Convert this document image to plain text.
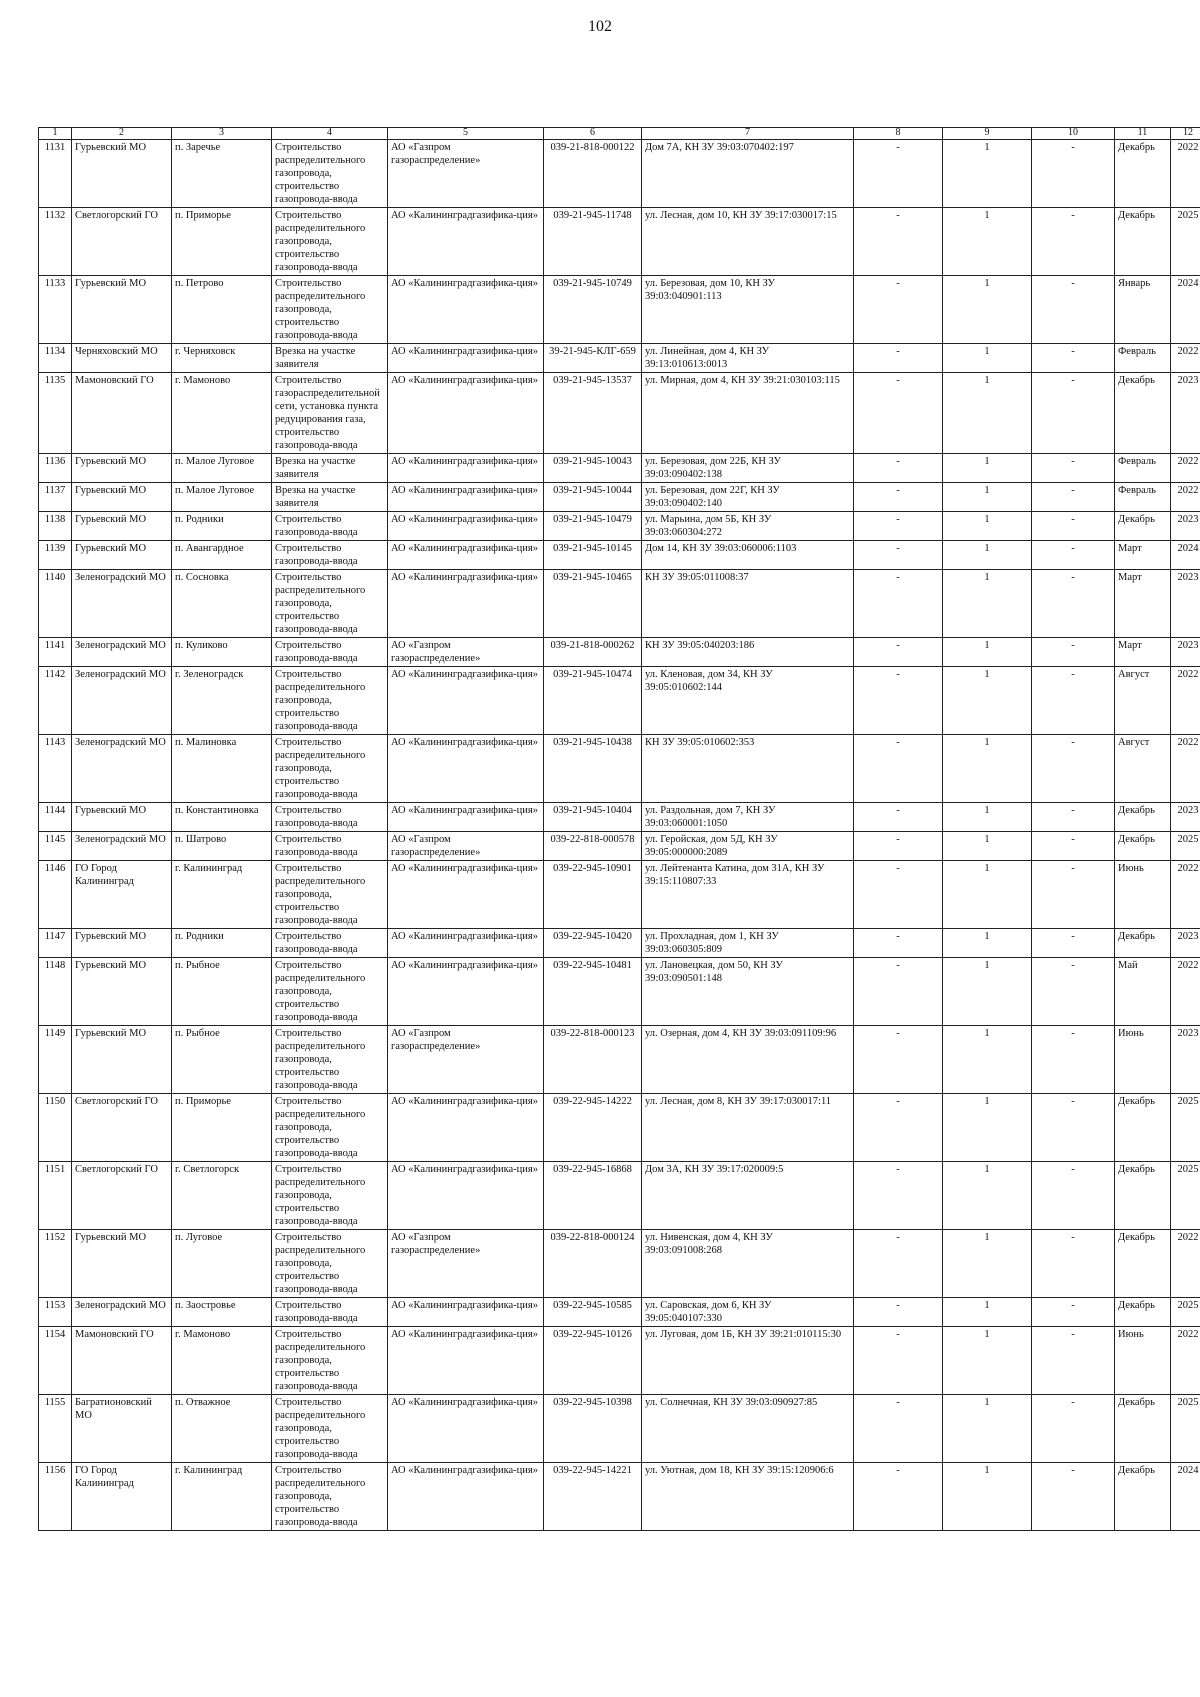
102
1	2	3	4	5	6	7	8	9	10	11	12
1131	Гурьевский МО	п. Заречье	Строительство распределительного газопровода, строительство газопровода-ввода	АО «Газпром газораспределение»	039-21-818-000122	Дом 7А, КН ЗУ 39:03:070402:197	-	1	-	Декабрь	2022
1132	Светлогорский ГО	п. Приморье	Строительство распределительного газопровода, строительство газопровода-ввода	АО «Калининградгазифика-ция»	039-21-945-11748	ул. Лесная, дом 10, КН ЗУ 39:17:030017:15	-	1	-	Декабрь	2025
1133	Гурьевский МО	п. Петрово	Строительство распределительного газопровода, строительство газопровода-ввода	АО «Калининградгазифика-ция»	039-21-945-10749	ул. Березовая, дом 10, КН ЗУ 39:03:040901:113	-	1	-	Январь	2024
1134	Черняховский МО	г. Черняховск	Врезка на участке заявителя	АО «Калининградгазифика-ция»	39-21-945-КЛГ-659	ул. Линейная, дом 4, КН ЗУ 39:13:010613:0013	-	1	-	Февраль	2022
1135	Мамоновский ГО	г. Мамоново	Строительство газораспределительной сети, установка пункта редуцирования газа, строительство газопровода-ввода	АО «Калининградгазифика-ция»	039-21-945-13537	ул. Мирная, дом 4, КН ЗУ 39:21:030103:115	-	1	-	Декабрь	2023
1136	Гурьевский МО	п. Малое Луговое	Врезка на участке заявителя	АО «Калининградгазифика-ция»	039-21-945-10043	ул. Березовая, дом 22Б, КН ЗУ 39:03:090402:138	-	1	-	Февраль	2022
1137	Гурьевский МО	п. Малое Луговое	Врезка на участке заявителя	АО «Калининградгазифика-ция»	039-21-945-10044	ул. Березовая, дом 22Г, КН ЗУ 39:03:090402:140	-	1	-	Февраль	2022
1138	Гурьевский МО	п. Родники	Строительство газопровода-ввода	АО «Калининградгазифика-ция»	039-21-945-10479	ул. Марьина, дом 5Б, КН ЗУ 39:03:060304:272	-	1	-	Декабрь	2023
1139	Гурьевский МО	п. Авангардное	Строительство газопровода-ввода	АО «Калининградгазифика-ция»	039-21-945-10145	Дом 14, КН ЗУ 39:03:060006:1103	-	1	-	Март	2024
1140	Зеленоградский МО	п. Сосновка	Строительство распределительного газопровода, строительство газопровода-ввода	АО «Калининградгазифика-ция»	039-21-945-10465	КН ЗУ 39:05:011008:37	-	1	-	Март	2023
1141	Зеленоградский МО	п. Куликово	Строительство газопровода-ввода	АО «Газпром газораспределение»	039-21-818-000262	КН ЗУ 39:05:040203:186	-	1	-	Март	2023
1142	Зеленоградский МО	г. Зеленоградск	Строительство распределительного газопровода, строительство газопровода-ввода	АО «Калининградгазифика-ция»	039-21-945-10474	ул. Кленовая, дом 34, КН ЗУ 39:05:010602:144	-	1	-	Август	2022
1143	Зеленоградский МО	п. Малиновка	Строительство распределительного газопровода, строительство газопровода-ввода	АО «Калининградгазифика-ция»	039-21-945-10438	КН ЗУ 39:05:010602:353	-	1	-	Август	2022
1144	Гурьевский МО	п. Константиновка	Строительство газопровода-ввода	АО «Калининградгазифика-ция»	039-21-945-10404	ул. Раздольная, дом 7, КН ЗУ 39:03:060001:1050	-	1	-	Декабрь	2023
1145	Зеленоградский МО	п. Шатрово	Строительство газопровода-ввода	АО «Газпром газораспределение»	039-22-818-000578	ул. Геройская, дом 5Д, КН ЗУ 39:05:000000:2089	-	1	-	Декабрь	2025
1146	ГО Город Калининград	г. Калининград	Строительство распределительного газопровода, строительство газопровода-ввода	АО «Калининградгазифика-ция»	039-22-945-10901	ул. Лейтенанта Катина, дом 31А, КН ЗУ 39:15:110807:33	-	1	-	Июнь	2022
1147	Гурьевский МО	п. Родники	Строительство газопровода-ввода	АО «Калининградгазифика-ция»	039-22-945-10420	ул. Прохладная, дом 1, КН ЗУ 39:03:060305:809	-	1	-	Декабрь	2023
1148	Гурьевский МО	п. Рыбное	Строительство распределительного газопровода, строительство газопровода-ввода	АО «Калининградгазифика-ция»	039-22-945-10481	ул. Лановецкая, дом 50, КН ЗУ 39:03:090501:148	-	1	-	Май	2022
1149	Гурьевский МО	п. Рыбное	Строительство распределительного газопровода, строительство газопровода-ввода	АО «Газпром газораспределение»	039-22-818-000123	ул. Озерная, дом 4, КН ЗУ 39:03:091109:96	-	1	-	Июнь	2023
1150	Светлогорский ГО	п. Приморье	Строительство распределительного газопровода, строительство газопровода-ввода	АО «Калининградгазифика-ция»	039-22-945-14222	ул. Лесная, дом 8, КН ЗУ 39:17:030017:11	-	1	-	Декабрь	2025
1151	Светлогорский ГО	г. Светлогорск	Строительство распределительного газопровода, строительство газопровода-ввода	АО «Калининградгазифика-ция»	039-22-945-16868	Дом 3А, КН ЗУ 39:17:020009:5	-	1	-	Декабрь	2025
1152	Гурьевский МО	п. Луговое	Строительство распределительного газопровода, строительство газопровода-ввода	АО «Газпром газораспределение»	039-22-818-000124	ул. Нивенская, дом 4, КН ЗУ 39:03:091008:268	-	1	-	Декабрь	2022
1153	Зеленоградский МО	п. Заостровье	Строительство газопровода-ввода	АО «Калининградгазифика-ция»	039-22-945-10585	ул. Саровская, дом 6, КН ЗУ 39:05:040107:330	-	1	-	Декабрь	2025
1154	Мамоновский ГО	г. Мамоново	Строительство распределительного газопровода, строительство газопровода-ввода	АО «Калининградгазифика-ция»	039-22-945-10126	ул. Луговая, дом 1Б, КН ЗУ 39:21:010115:30	-	1	-	Июнь	2022
1155	Багратионовский МО	п. Отважное	Строительство распределительного газопровода, строительство газопровода-ввода	АО «Калининградгазифика-ция»	039-22-945-10398	ул. Солнечная, КН ЗУ 39:03:090927:85	-	1	-	Декабрь	2025
1156	ГО Город Калининград	г. Калининград	Строительство распределительного газопровода, строительство газопровода-ввода	АО «Калининградгазифика-ция»	039-22-945-14221	ул. Уютная, дом 18, КН ЗУ 39:15:120906:6	-	1	-	Декабрь	2024
